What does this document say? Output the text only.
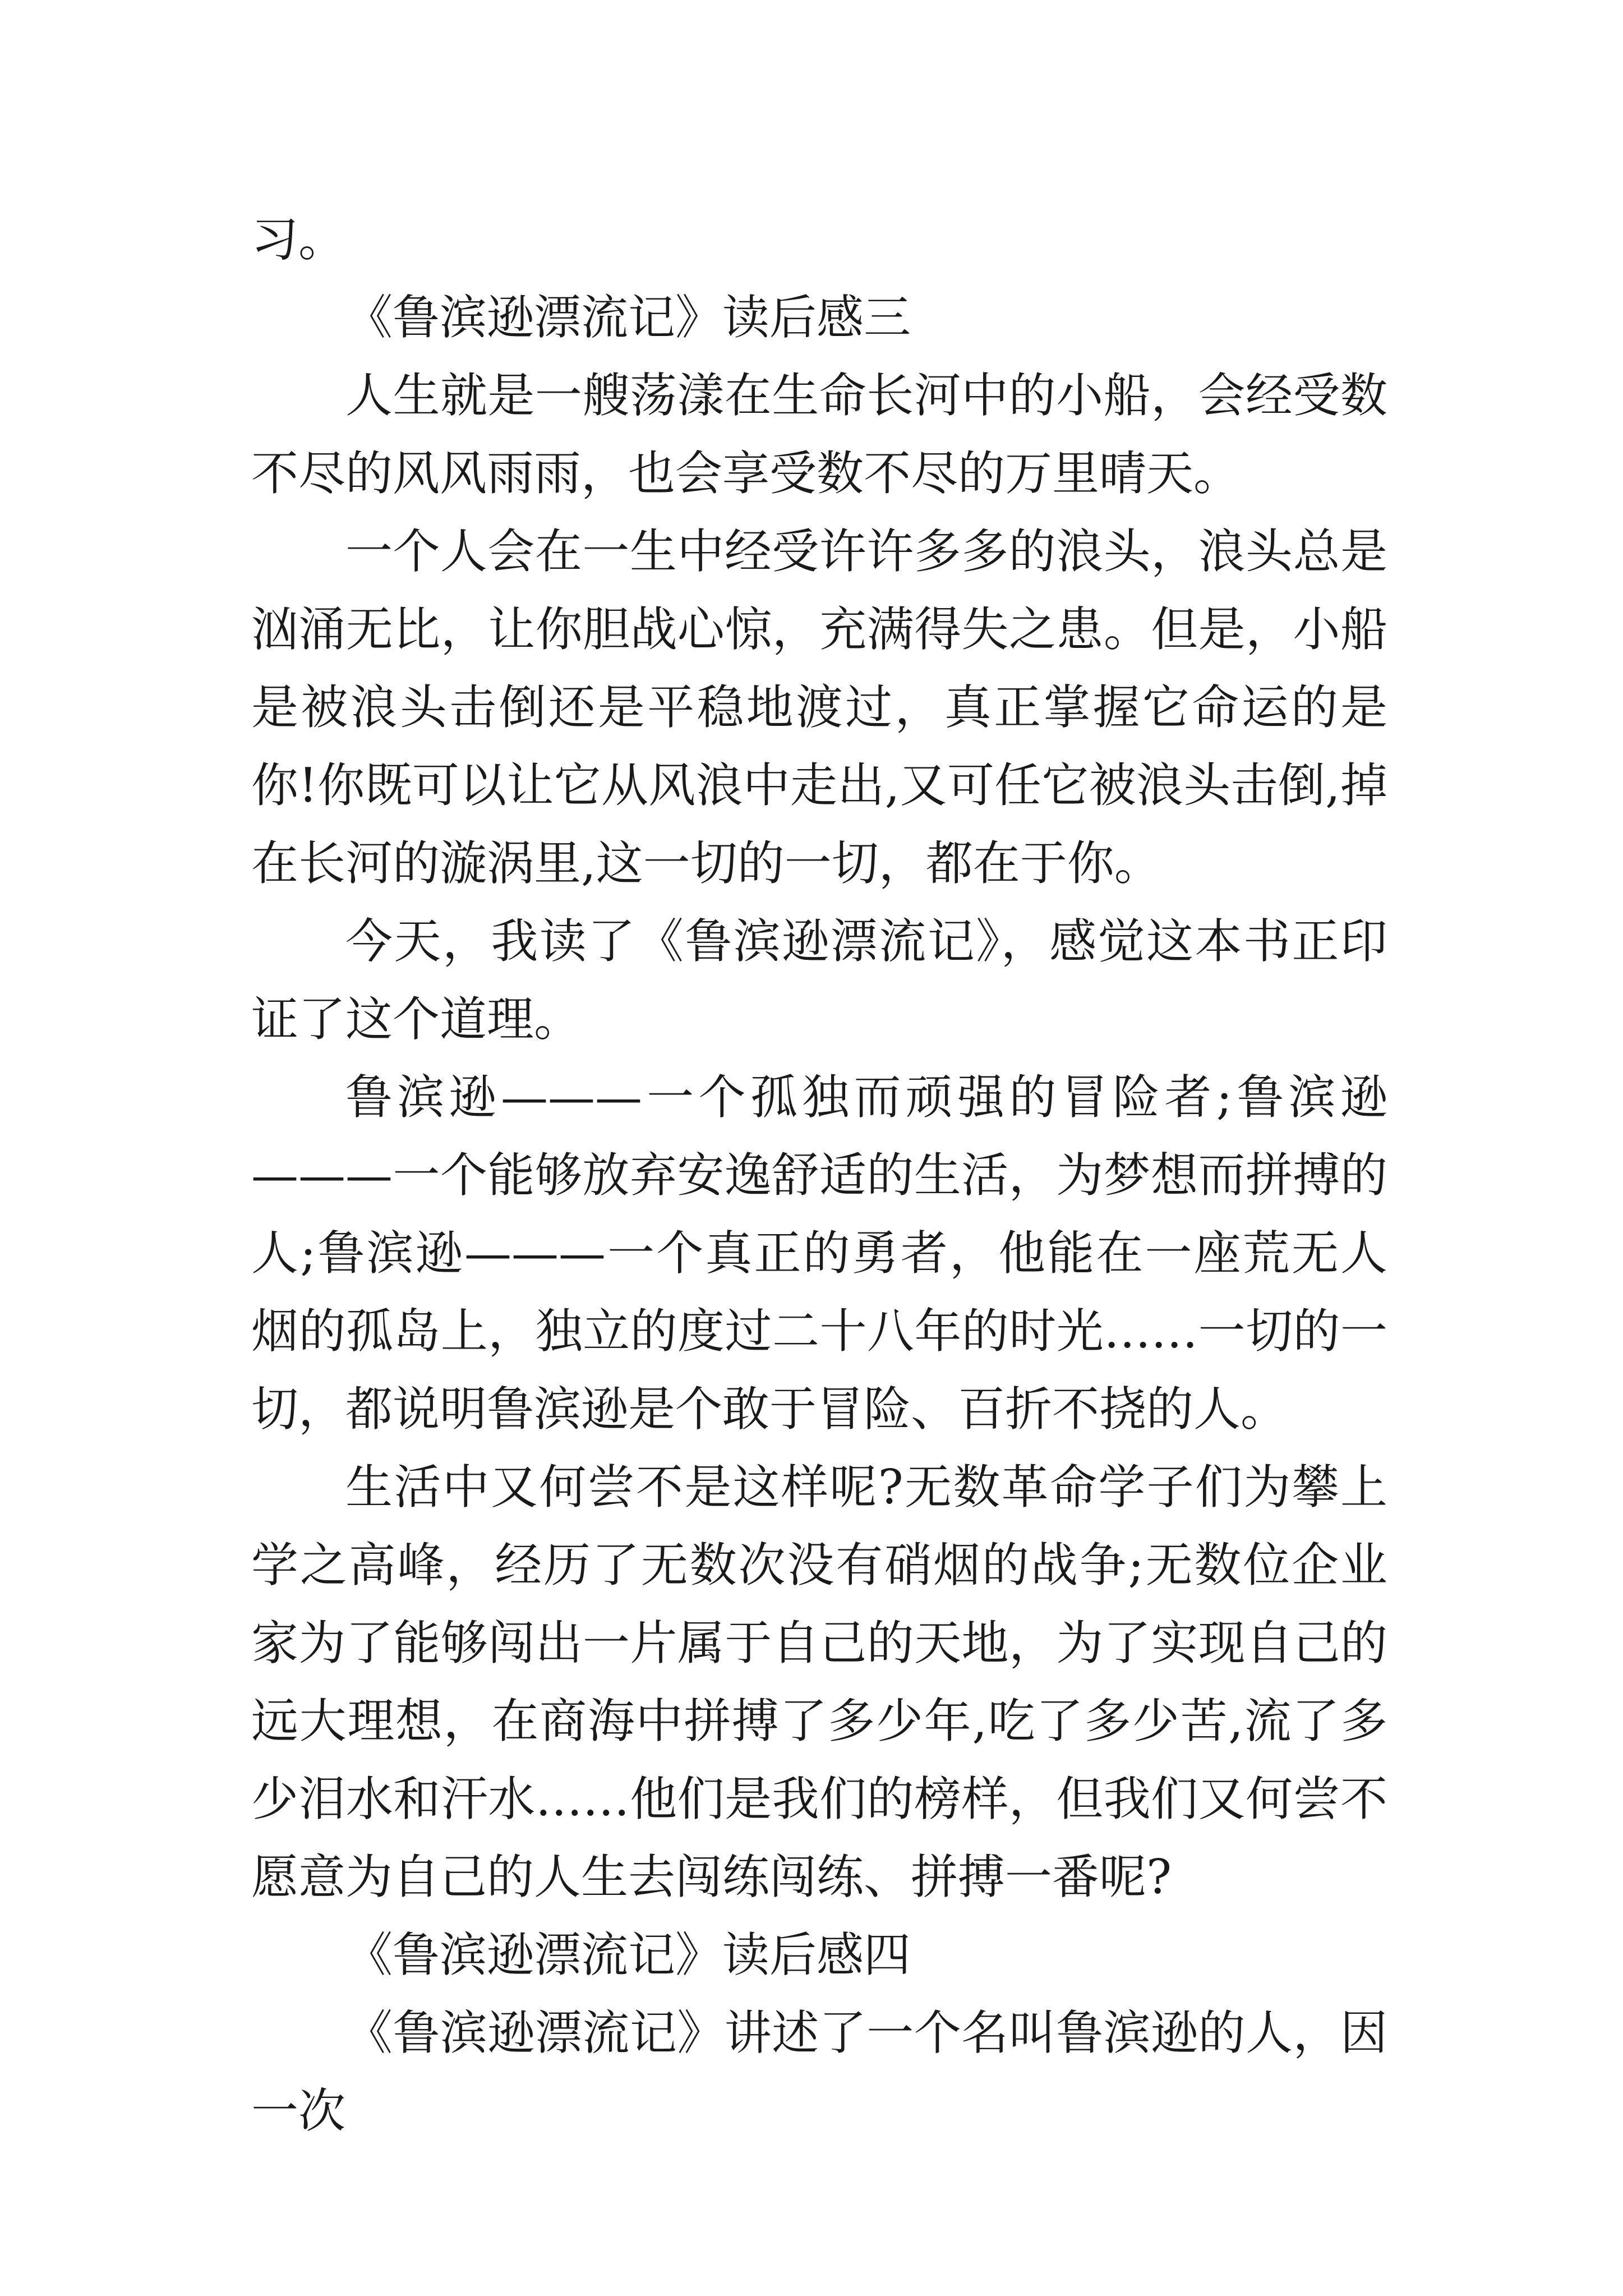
习。

《鲁滨逊漂流记》读后感三

人生就是一艘荡漾在生命长河中的小船，会经受数不尽的风风雨雨，也会享受数不尽的万里晴天。

一个人会在一生中经受许许多多的浪头，浪头总是汹涌无比，让你胆战心惊，充满得失之患。但是，小船是被浪头击倒还是平稳地渡过，真正掌握它命运的是你!你既可以让它从风浪中走出,又可任它被浪头击倒,掉在长河的漩涡里,这一切的一切，都在于你。

今天，我读了《鲁滨逊漂流记》，感觉这本书正印证了这个道理。

鲁滨逊———一个孤独而顽强的冒险者;鲁滨逊———一个能够放弃安逸舒适的生活，为梦想而拼搏的人;鲁滨逊———一个真正的勇者，他能在一座荒无人烟的孤岛上，独立的度过二十八年的时光……一切的一切，都说明鲁滨逊是个敢于冒险、百折不挠的人。

生活中又何尝不是这样呢?无数革命学子们为攀上学之高峰，经历了无数次没有硝烟的战争;无数位企业家为了能够闯出一片属于自己的天地，为了实现自己的远大理想，在商海中拼搏了多少年,吃了多少苦,流了多少泪水和汗水……他们是我们的榜样，但我们又何尝不愿意为自己的人生去闯练闯练、拼搏一番呢?

《鲁滨逊漂流记》读后感四

《鲁滨逊漂流记》讲述了一个名叫鲁滨逊的人，因一次
